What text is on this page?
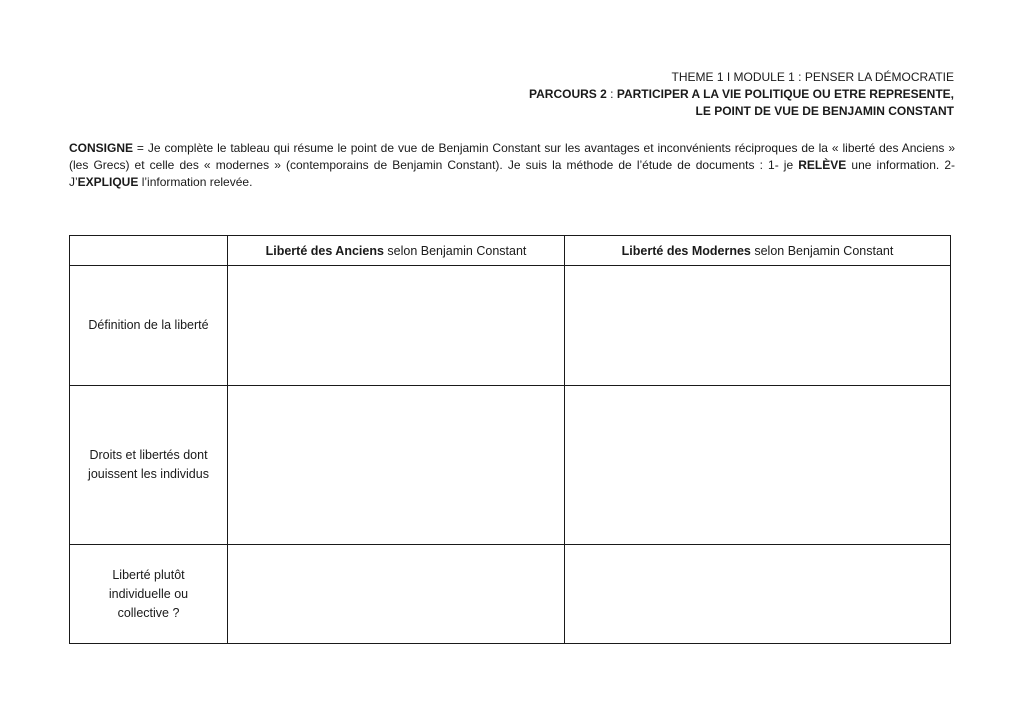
THEME 1 I MODULE 1 : PENSER LA DÉMOCRATIE
PARCOURS 2 : PARTICIPER A LA VIE POLITIQUE OU ETRE REPRESENTE,
LE POINT DE VUE DE BENJAMIN CONSTANT
CONSIGNE = Je complète le tableau qui résume le point de vue de Benjamin Constant sur les avantages et inconvénients réciproques de la « liberté des Anciens » (les Grecs) et celle des « modernes » (contemporains de Benjamin Constant). Je suis la méthode de l’étude de documents : 1- je RELÈVE une information. 2- J’EXPLIQUE l’information relevée.
	Liberté des Anciens selon Benjamin Constant	Liberté des Modernes selon Benjamin Constant
Définition de la liberté		

Droits et libertés dont
jouissent les individus		

Liberté plutôt
individuelle ou
collective ?		
